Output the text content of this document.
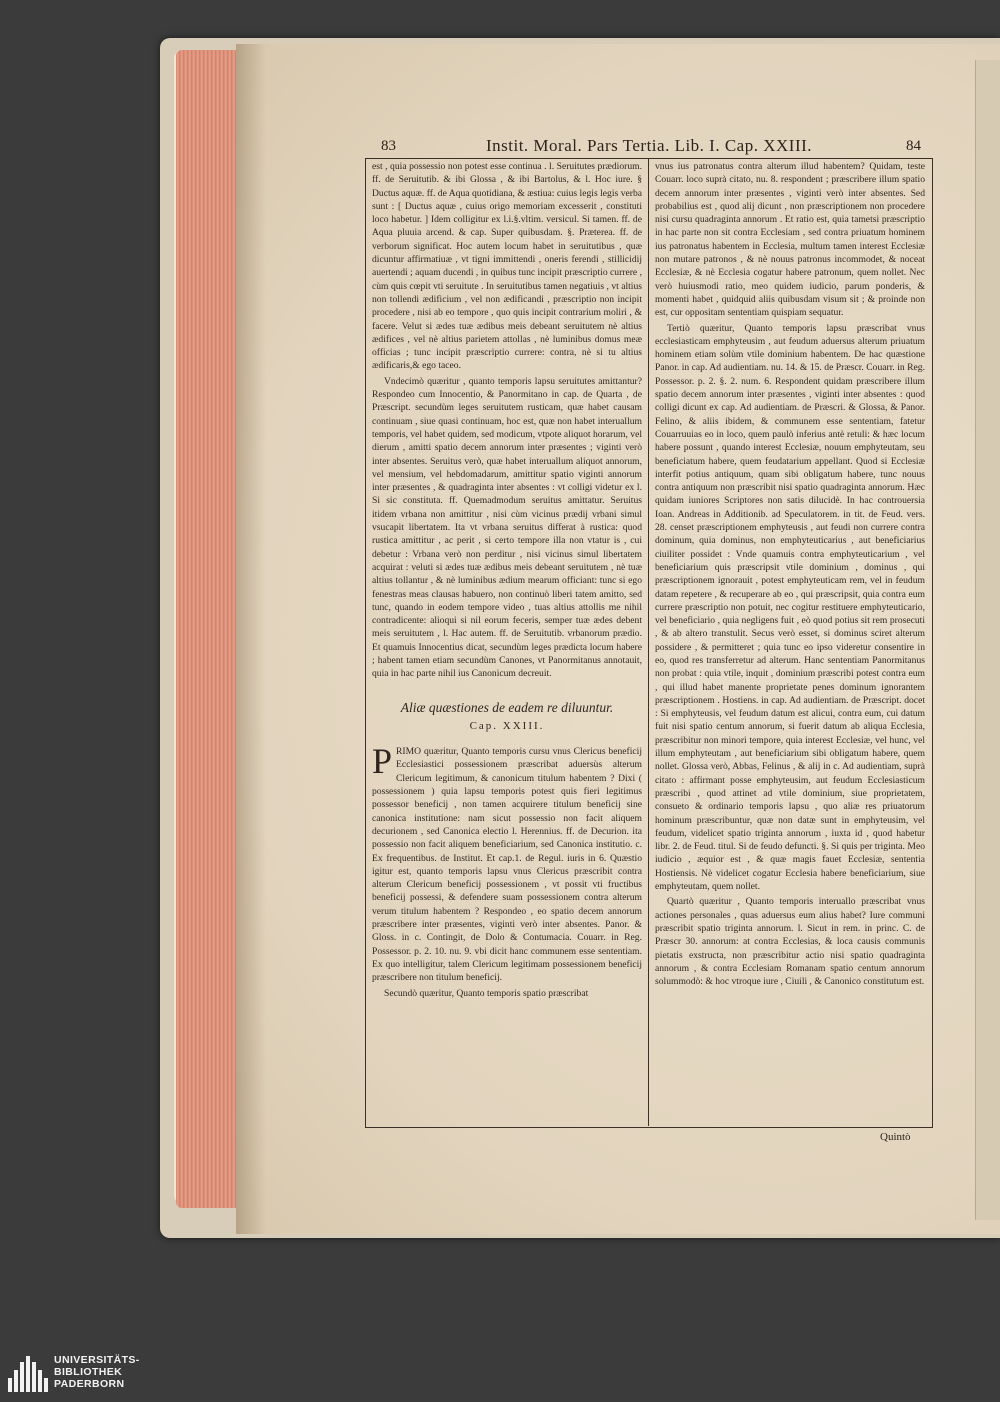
83	Instit. Moral. Pars Tertia. Lib. I. Cap. XXIII.	84

est , quia possessio non potest esse continua . l. Seruitutes prædiorum. ff. de Seruitutib. & ibi Glossa , & ibi Bartolus, & l. Hoc iure. § Ductus aquæ. ff. de Aqua quotidiana, & æstiua: cuius legis legis verba sunt : [ Ductus aquæ , cuius origo memoriam excesserit , constituti loco habetur. ] Idem colligitur ex l.i.§.vltim. versicul. Si tamen. ff. de Aqua pluuia arcend. & cap. Super quibusdam. §. Præterea. ff. de verborum significat. Hoc autem locum habet in seruitutibus , quæ dicuntur affirmatiuæ , vt tigni immittendi , oneris ferendi , stillicidij auertendi ; aquam ducendi , in quibus tunc incipit præscriptio currere , cùm quis cœpit vti seruitute . In seruitutibus tamen negatiuis , vt altius non tollendi ædificium , vel non ædificandi , præscriptio non incipit procedere , nisi ab eo tempore , quo quis incipit contrarium moliri , & facere. Velut si ædes tuæ ædibus meis debeant seruitutem nè altius ædifices , vel nè altius parietem attollas , nè luminibus domus meæ officias ; tunc incipit præscriptio currere: contra, nè si tu altius ædificaris,& ego taceo.

Vndecimò quæritur , quanto temporis lapsu seruitutes amittantur? Respondeo cum Innocentio, & Panormitano in cap. de Quarta , de Præscript. secundùm leges seruitutem rusticam, quæ habet causam continuam , siue quasi continuam, hoc est, quæ non habet interuallum temporis, vel habet quidem, sed modicum, vtpote aliquot horarum, vel dierum , amitti spatio decem annorum inter præsentes ; viginti verò inter absentes. Seruitus verò, quæ habet interuallum aliquot annorum, vel mensium, vel hebdomadarum, amittitur spatio viginti annorum inter præsentes , & quadraginta inter absentes : vt colligi videtur ex l. Si sic constituta. ff. Quemadmodum seruitus amittatur. Seruitus itidem vrbana non amittitur , nisi cùm vicinus prædij vrbani simul vsucapit libertatem. Ita vt vrbana seruitus differat à rustica: quod rustica amittitur , ac perit , si certo tempore illa non vtatur is , cui debetur : Vrbana verò non perditur , nisi vicinus simul libertatem acquirat : veluti si ædes tuæ ædibus meis debeant seruitutem , nè tuæ altius tollantur , & nè luminibus ædium mearum officiant: tunc si ego fenestras meas clausas habuero, non continuò liberi tatem amitto, sed tunc, quando in eodem tempore video , tuas altius attollis me nihil contradicente: alioqui si nil eorum feceris, semper tuæ ædes debent meis seruitutem , l. Hac autem. ff. de Seruitutib. vrbanorum prædio. Et quamuis Innocentius dicat, secundùm leges prædicta locum habere ; habent tamen etiam secundùm Canones, vt Panormitanus annotauit, quia in hac parte nihil ius Canonicum decreuit.

Aliæ quæstiones de eadem re diluuntur.
Cap. XXIII.

PRIMO quæritur, Quanto temporis cursu vnus Clericus beneficij Ecclesiastici possessionem præscribat aduersùs alterum Clericum legitimum, & canonicum titulum habentem ? Dixi ( possessionem ) quia lapsu temporis potest quis fieri legitimus possessor beneficij , non tamen acquirere titulum beneficij sine canonica institutione: nam sicut possessio non facit aliquem decurionem , sed Canonica electio l. Herennius. ff. de Decurion. ita possessio non facit aliquem beneficiarium, sed Canonica institutio. c. Ex frequentibus. de Institut. Et cap.1. de Regul. iuris in 6. Quæstio igitur est, quanto temporis lapsu vnus Clericus præscribit contra alterum Clericum beneficij possessionem , vt possit vti fructibus beneficij possessi, & defendere suam possessionem contra alterum verum titulum habentem ? Respondeo , eo spatio decem annorum præscribere inter præsentes, viginti verò inter absentes. Panor. & Gloss. in c. Contingit, de Dolo & Contumacia. Couarr. in Reg. Possessor. p. 2. 10. nu. 9. vbi dicit hanc communem esse sententiam. Ex quo intelligitur, talem Clericum legitimam possessionem beneficij præscribere non titulum beneficij.

Secundò quæritur, Quanto temporis spatio præscribat

vnus ius patronatus contra alterum illud habentem? Quidam, teste Couarr. loco suprà citato, nu. 8. respondent ; præscribere illum spatio decem annorum inter præsentes , viginti verò inter absentes. Sed probabilius est , quod alij dicunt , non præscriptionem non procedere nisi cursu quadraginta annorum . Et ratio est, quia tametsi præscriptio in hac parte non sit contra Ecclesiam , sed contra priuatum hominem ius patronatus habentem in Ecclesia, multum tamen interest Ecclesiæ non mutare patronos , & nè nouus patronus incommodet, & noceat Ecclesiæ, & nè Ecclesia cogatur habere patronum, quem nollet. Nec verò huiusmodi ratio, meo quidem iudicio, parum ponderis, & momenti habet , quidquid aliis quibusdam visum sit ; & proinde non est, cur oppositam sententiam quispiam sequatur.

Tertiò quæritur, Quanto temporis lapsu præscribat vnus ecclesiasticam emphyteusim , aut feudum aduersus alterum priuatum hominem etiam solùm vtile dominium habentem. De hac quæstione Panor. in cap. Ad audientiam. nu. 14. & 15. de Præscr. Couarr. in Reg. Possessor. p. 2. §. 2. num. 6. Respondent quidam præscribere illum spatio decem annorum inter præsentes , viginti inter absentes : quod colligi dicunt ex cap. Ad audientiam. de Præscri. & Glossa, & Panor. Felino, & aliis ibidem, & communem esse sententiam, fatetur Couarruuias eo in loco, quem paulò inferius antè retuli: & hæc locum habere possunt , quando interest Ecclesiæ, nouum emphyteutam, seu beneficiatum habere, quem feudatarium appellant. Quod si Ecclesiæ interfit potius antiquum, quam sibi obligatum habere, tunc nouus contra antiquum non præscribit nisi spatio quadraginta annorum. Hæc quidam iuniores Scriptores non satis dilucidè. In hac controuersia Ioan. Andreas in Additionib. ad Speculatorem. in tit. de Feud. vers. 28. censet præscriptionem emphyteusis , aut feudi non currere contra dominum, quia dominus, non emphyteuticarius , aut beneficiarius ciuiliter possidet : Vnde quamuis contra emphyteuticarium , vel beneficiarium quis præscripsit vtile dominium , dominus , qui præscriptionem ignorauit , potest emphyteuticam rem, vel in feudum datam repetere , & recuperare ab eo , qui præscripsit, quia contra eum currere præscriptio non potuit, nec cogitur restituere emphyteuticario, vel beneficiario , quia negligens fuit , eò quod potius sit rem prosecuti , & ab altero transtulit. Secus verò esset, si dominus sciret alterum possidere , & permitteret ; quia tunc eo ipso videretur consentire in eo, quod res transferretur ad alterum. Hanc sententiam Panormitanus non probat : quia vtile, inquit , dominium præscribi potest contra eum , qui illud habet manente proprietate penes dominum ignorantem præscriptionem . Hostiens. in cap. Ad audientiam. de Præscript. docet : Si emphyteusis, vel feudum datum est alicui, contra eum, cui datum fuit nisi spatio centum annorum, si fuerit datum ab aliqua Ecclesia, præscribitur non minori tempore, quia interest Ecclesiæ, vel hunc, vel illum emphyteutam , aut beneficiarium sibi obligatum habere, quem nollet. Glossa verò, Abbas, Felinus , & alij in c. Ad audientiam, suprà citato : affirmant posse emphyteusim, aut feudum Ecclesiasticum præscribi , quod attinet ad vtile dominium, siue proprietatem, consueto & ordinario temporis lapsu , quo aliæ res priuatorum hominum præscribuntur, quæ non datæ sunt in emphyteusim, vel feudum, videlicet spatio triginta annorum , iuxta id , quod habetur libr. 2. de Feud. titul. Si de feudo defuncti. §. Si quis per triginta. Meo iudicio , æquior est , & quæ magis fauet Ecclesiæ, sententia Hostiensis. Nè videlicet cogatur Ecclesia habere beneficiarium, siue emphyteutam, quem nollet.

Quartò quæritur , Quanto temporis interuallo præscribat vnus actiones personales , quas aduersus eum alius habet? Iure communi præscribit spatio triginta annorum. l. Sicut in rem. in princ. C. de Præscr 30. annorum: at contra Ecclesias, & loca causis communis pietatis exstructa, non præscribitur actio nisi spatio quadraginta annorum , & contra Ecclesiam Romanam spatio centum annorum solummodò: & hoc vtroque iure , Ciuili , & Canonico constitutum est.

Quintò
UNIVERSITÄTS-
BIBLIOTHEK
PADERBORN
